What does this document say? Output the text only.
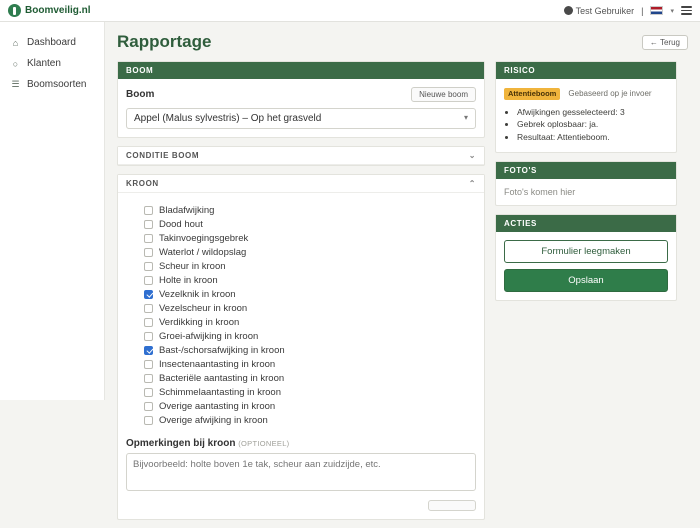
Boomveilig.nl	Test Gebruiker |	▾
⌂ Dashboard
○ Klanten
☰ Boomsoorten
Rapportage	← Terug
BOOM
Boom	Nieuwe boom
Appel (Malus sylvestris) – Op het grasveld	▾
CONDITIE BOOM	⌄
KROON	⌃
Bladafwijking
Dood hout
Takinvoegingsgebrek
Waterlot / wildopslag
Scheur in kroon
Holte in kroon
Vezelknik in kroon
Vezelscheur in kroon
Verdikking in kroon
Groei-afwijking in kroon
Bast-/schorsafwijking in kroon
Insectenaantasting in kroon
Bacteriële aantasting in kroon
Schimmelaantasting in kroon
Overige aantasting in kroon
Overige afwijking in kroon
Opmerkingen bij kroon (OPTIONEEL)
Bijvoorbeeld: holte boven 1e tak, scheur aan zuidzijde, etc.
RISICO
Attentieboom Gebaseerd op je invoer
• Afwijkingen gesselecteerd: 3
• Gebrek oplosbaar: ja.
• Resultaat: Attentieboom.
FOTO'S
Foto's komen hier
ACTIES
Formulier leegmaken
Opslaan
